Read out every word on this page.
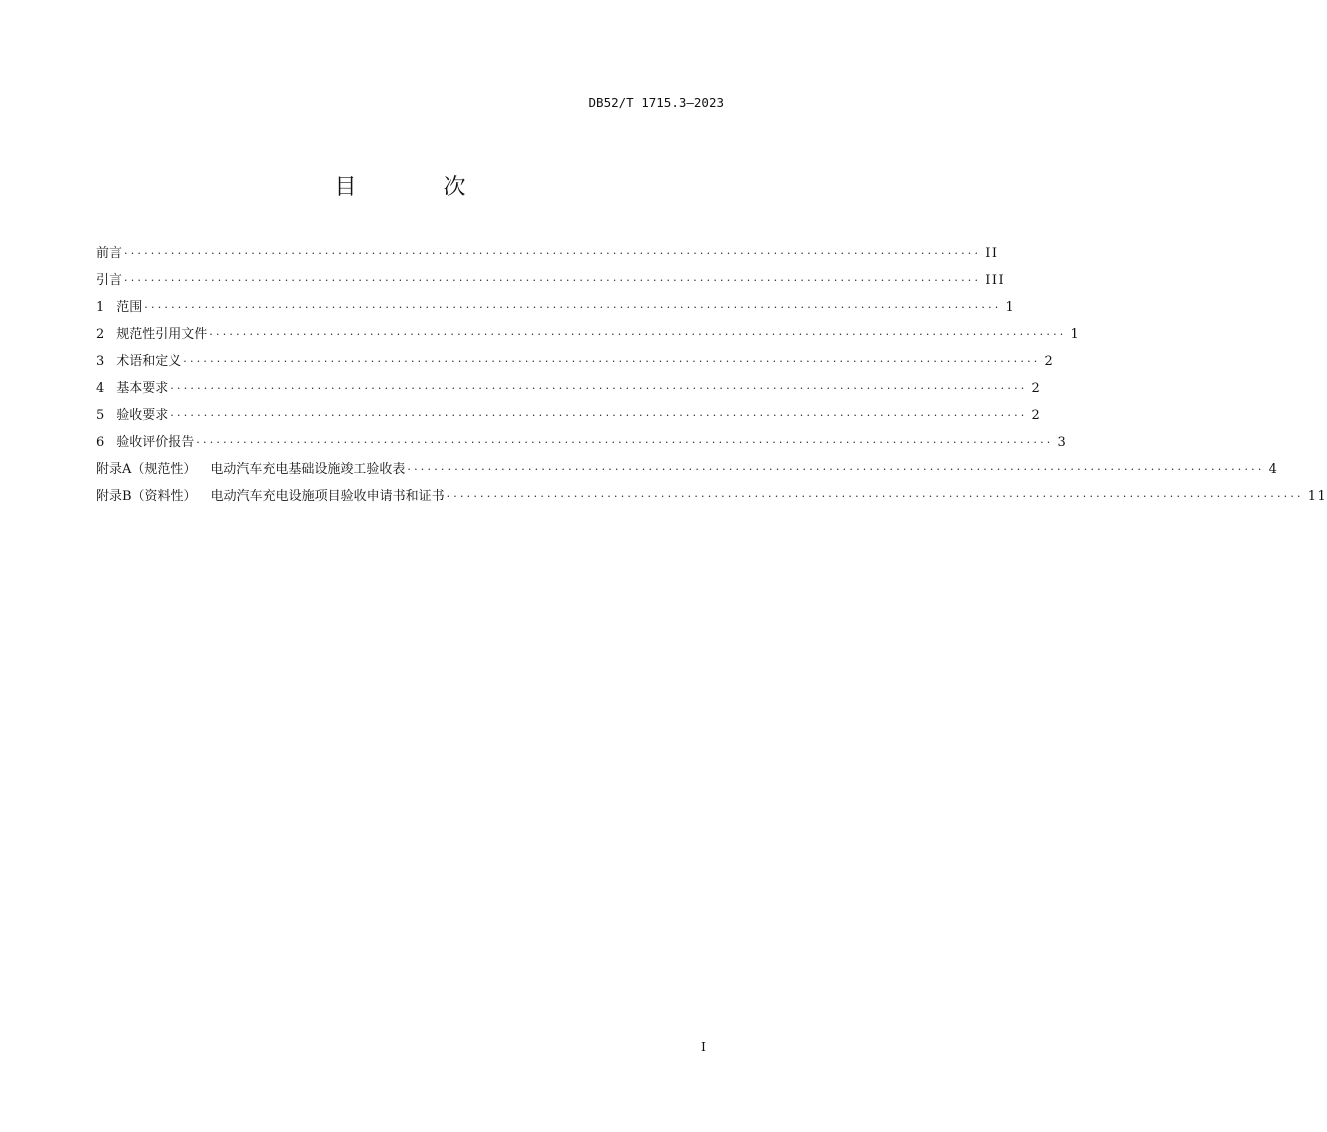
DB52/T 1715.3—2023
目 次
前言 ································································································································ II
引言 ································································································································ III
1 范围 ································································································································ 1
2 规范性引用文件 ································································································································ 1
3 术语和定义 ································································································································ 2
4 基本要求 ································································································································ 2
5 验收要求 ································································································································ 2
6 验收评价报告 ································································································································ 3
附录A（规范性）	电动汽车充电基础设施竣工验收表 ································································································································ 4
附录B（资料性）	电动汽车充电设施项目验收申请书和证书 ································································································································ 11
I
